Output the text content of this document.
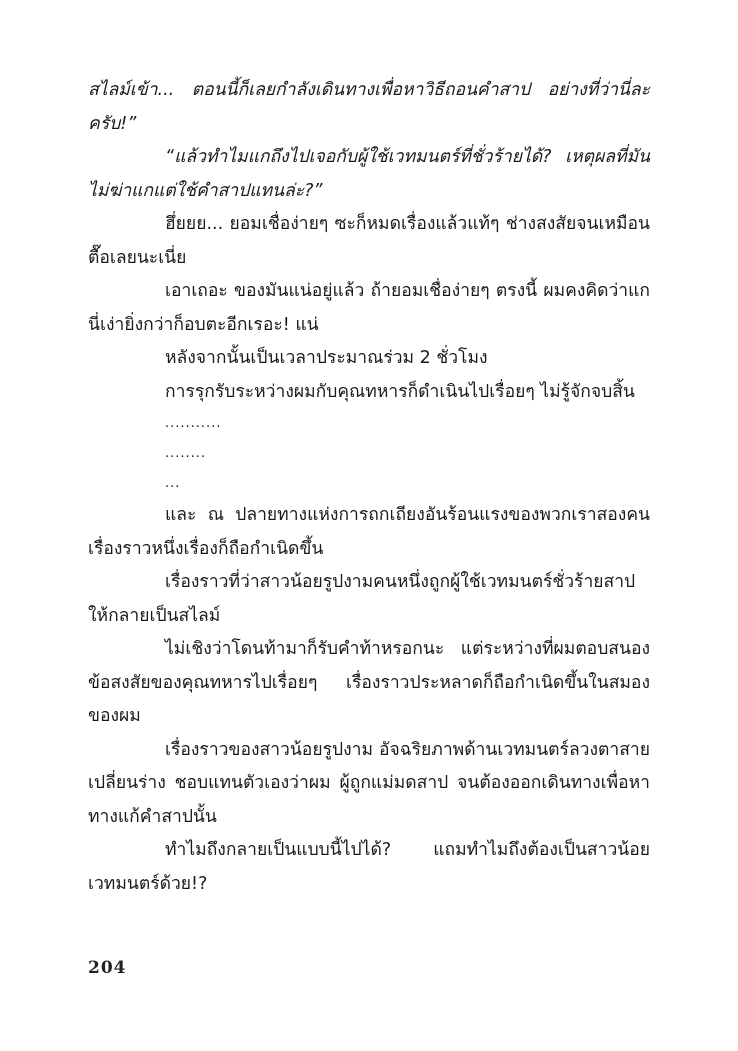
สไลม์เข้า... ตอนนี้ก็เลยกำลังเดินทางเพื่อหาวิธีถอนคำสาป อย่างที่ว่านี่ละครับ!”

“แล้วทำไมแกถึงไปเจอกับผู้ใช้เวทมนตร์ที่ชั่วร้ายได้? เหตุผลที่มันไม่ฆ่าแกแต่ใช้คำสาปแทนล่ะ?”

ฮึ่ยยย... ยอมเชื่อง่ายๆ ซะก็หมดเรื่องแล้วแท้ๆ ช่างสงสัยจนเหมือนตื๊อเลยนะเนี่ย

เอาเถอะ ของมันแน่อยู่แล้ว ถ้ายอมเชื่อง่ายๆ ตรงนี้ ผมคงคิดว่าแกนี่เง่ายิ่งกว่าก็อบตะอีกเรอะ! แน่

หลังจากนั้นเป็นเวลาประมาณร่วม 2 ชั่วโมง

การรุกรับระหว่างผมกับคุณทหารก็ดำเนินไปเรื่อยๆ ไม่รู้จักจบสิ้น

...........

........

...

และ ณ ปลายทางแห่งการถกเถียงอันร้อนแรงของพวกเราสองคน เรื่องราวหนึ่งเรื่องก็ถือกำเนิดขึ้น

เรื่องราวที่ว่าสาวน้อยรูปงามคนหนึ่งถูกผู้ใช้เวทมนตร์ชั่วร้ายสาปให้กลายเป็นสไลม์

ไม่เชิงว่าโดนท้ามาก็รับคำท้าหรอกนะ แต่ระหว่างที่ผมตอบสนองข้อสงสัยของคุณทหารไปเรื่อยๆ เรื่องราวประหลาดก็ถือกำเนิดขึ้นในสมองของผม

เรื่องราวของสาวน้อยรูปงาม อัจฉริยภาพด้านเวทมนตร์ลวงตาสายเปลี่ยนร่าง ชอบแทนตัวเองว่าผม ผู้ถูกแม่มดสาป จนต้องออกเดินทางเพื่อหาทางแก้คำสาปนั้น

ทำไมถึงกลายเป็นแบบนี้ไปได้? แถมทำไมถึงต้องเป็นสาวน้อยเวทมนตร์ด้วย!?

204
